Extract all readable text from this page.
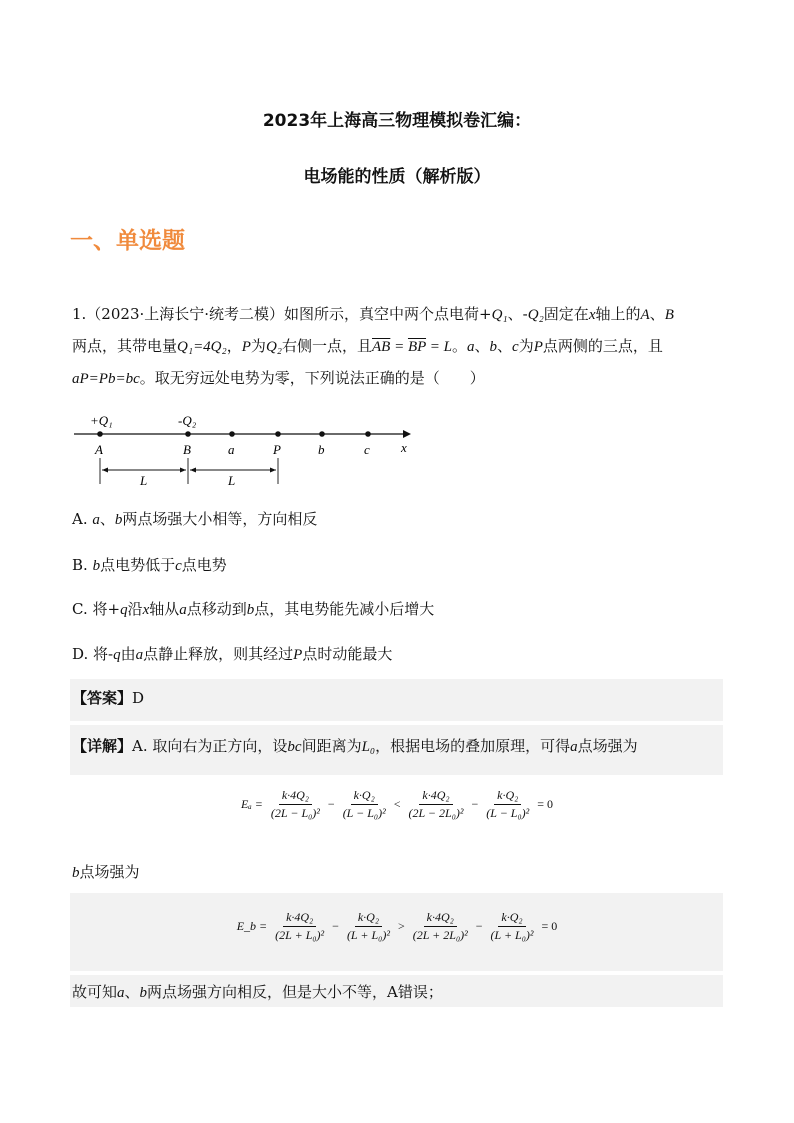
2023年上海高三物理模拟卷汇编：
电场能的性质（解析版）
一、单选题
1.（2023·上海长宁·统考二模）如图所示，真空中两个点电荷+Q₁、-Q₂固定在x轴上的A、B
两点，其带电量Q₁=4Q₂，P为Q₂右侧一点，且$\overline{AB} = \overline{BP} = L$。a、b、c为P点两侧的三点，且
aP=Pb=bc。取无穷远处电势为零，下列说法正确的是（　　）
+Q₁	-Q₂
A	B	a	P	b	c x
L	L
A. a、b两点场强大小相等，方向相反
B. b点电势低于c点电势
C. 将+q沿x轴从a点移动到b点，其电势能先减小后增大
D. 将-q由a点静止释放，则其经过P点时动能最大
【答案】D
【详解】A. 取向右为正方向，设bc间距离为L₀，根据电场的叠加原理，可得a点场强为
$E_a = \frac{\text{k·4Q₂}}{\text{(2L − L₀)²}} - \frac{\text{k·Q₂}}{\text{(L − L₀)²}} < \frac{\text{k·4Q₂}}{\text{(2L − 2L₀)²}} - \frac{\text{k·Q₂}}{\text{(L − L₀)²}} = 0$
b点场强为
E_b = $\frac{\text{k·4Q₂}}{\text{(2L + L₀)²}} - \frac{\text{k·Q₂}}{\text{(L + L₀)²}} > \frac{\text{k·4Q₂}}{\text{(2L + 2L₀)²}} - \frac{\text{k·Q₂}}{\text{(L + L₀)²}} = 0$
故可知a、b两点场强方向相反，但是大小不等，A错误；
